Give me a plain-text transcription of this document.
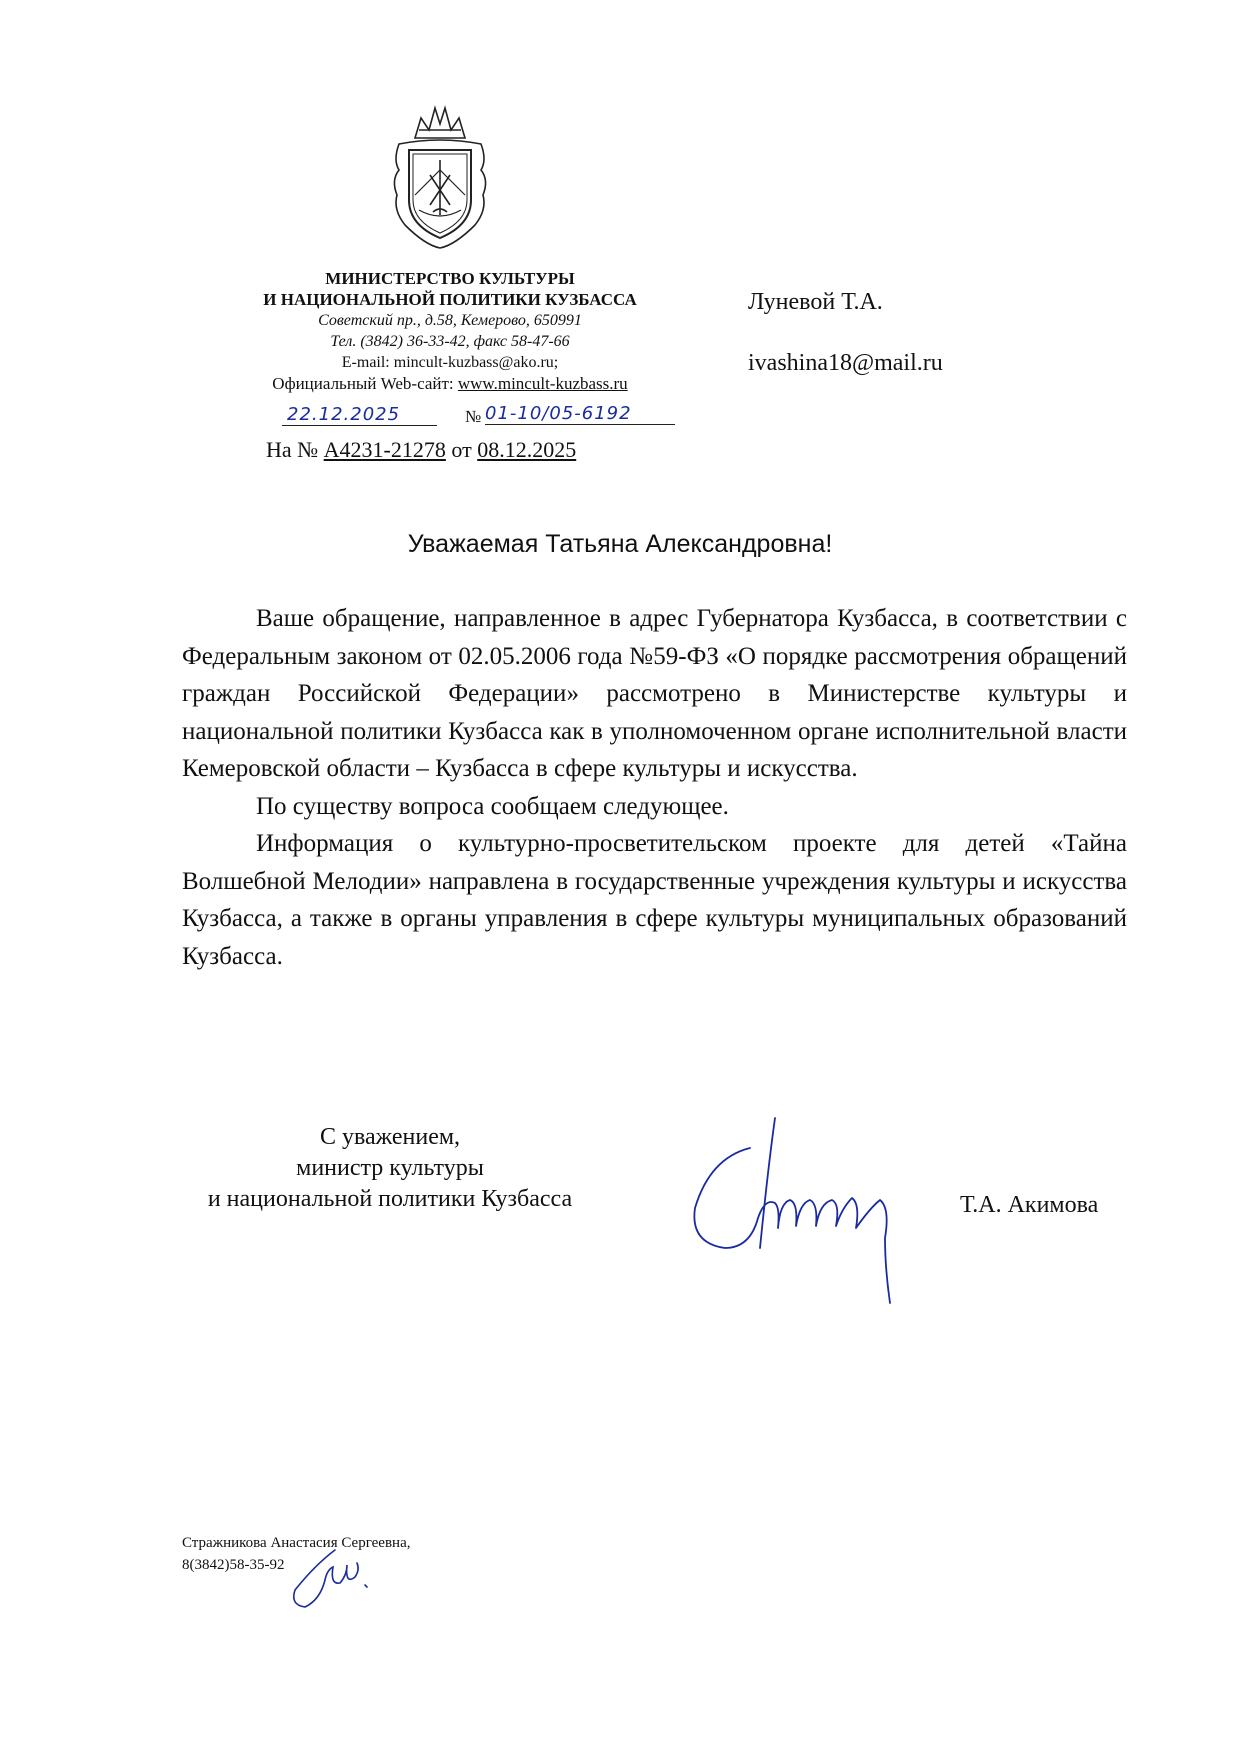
МИНИСТЕРСТВО КУЛЬТУРЫ
И НАЦИОНАЛЬНОЙ ПОЛИТИКИ КУЗБАССА
Советский пр., д.58, Кемерово, 650991
Тел. (3842) 36-33-42, факс 58-47-66
E-mail: mincult-kuzbass@ako.ru;
Официальный Web-сайт: www.mincult-kuzbass.ru
22.12.2025	№ 01-10/05-6192
На № А4231-21278 от 08.12.2025
Луневой Т.А.
ivashina18@mail.ru
Уважаемая Татьяна Александровна!

Ваше обращение, направленное в адрес Губернатора Кузбасса, в соответствии с Федеральным законом от 02.05.2006 года №59-ФЗ «О порядке рассмотрения обращений граждан Российской Федерации» рассмотрено в Министерстве культуры и национальной политики Кузбасса как в уполномоченном органе исполнительной власти Кемеровской области – Кузбасса в сфере культуры и искусства.

По существу вопроса сообщаем следующее.

Информация о культурно-просветительском проекте для детей «Тайна Волшебной Мелодии» направлена в государственные учреждения культуры и искусства Кузбасса, а также в органы управления в сфере культуры муниципальных образований Кузбасса.

С уважением,
министр культуры
и национальной политики Кузбасса	Т.А. Акимова
Стражникова Анастасия Сергеевна,
8(3842)58-35-92
